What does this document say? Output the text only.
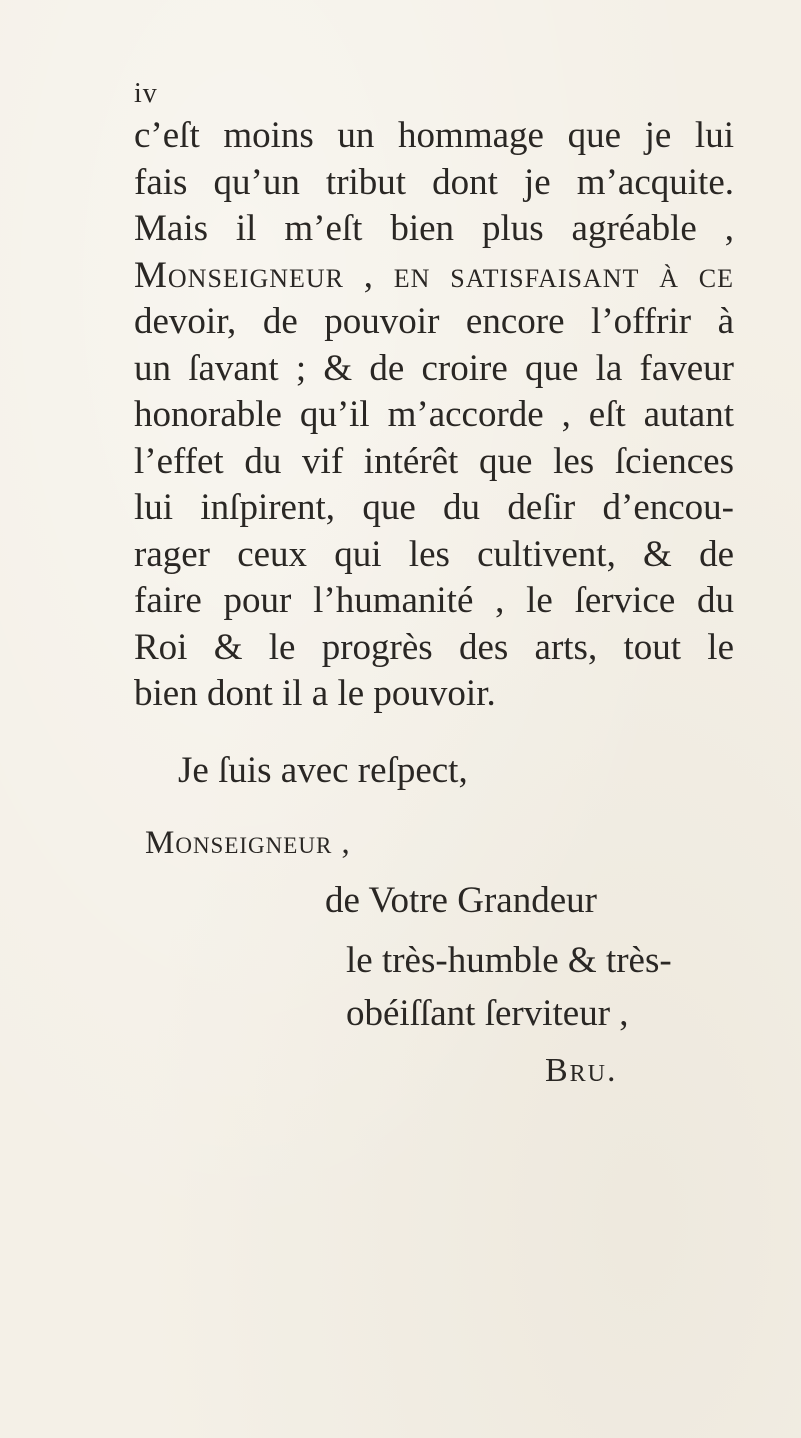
iv
c’eſt moins un hommage que je lui
fais qu’un tribut dont je m’acquite.
Mais il m’eſt bien plus agréable ,
Monseigneur , en ſatisfaiſant à ce
devoir, de pouvoir encore l’offrir à
un ſavant ; & de croire que la faveur
honorable qu’il m’accorde , eſt autant
l’effet du vif intérêt que les ſciences
lui inſpirent, que du deſir d’encou-
rager ceux qui les cultivent, & de
faire pour l’humanité , le ſervice du
Roi & le progrès des arts, tout le
bien dont il a le pouvoir.
Je ſuis avec reſpect,
Monseigneur ,
de Votre Grandeur
le très-humble & très-
obéiſſant ſerviteur ,
Bru.
